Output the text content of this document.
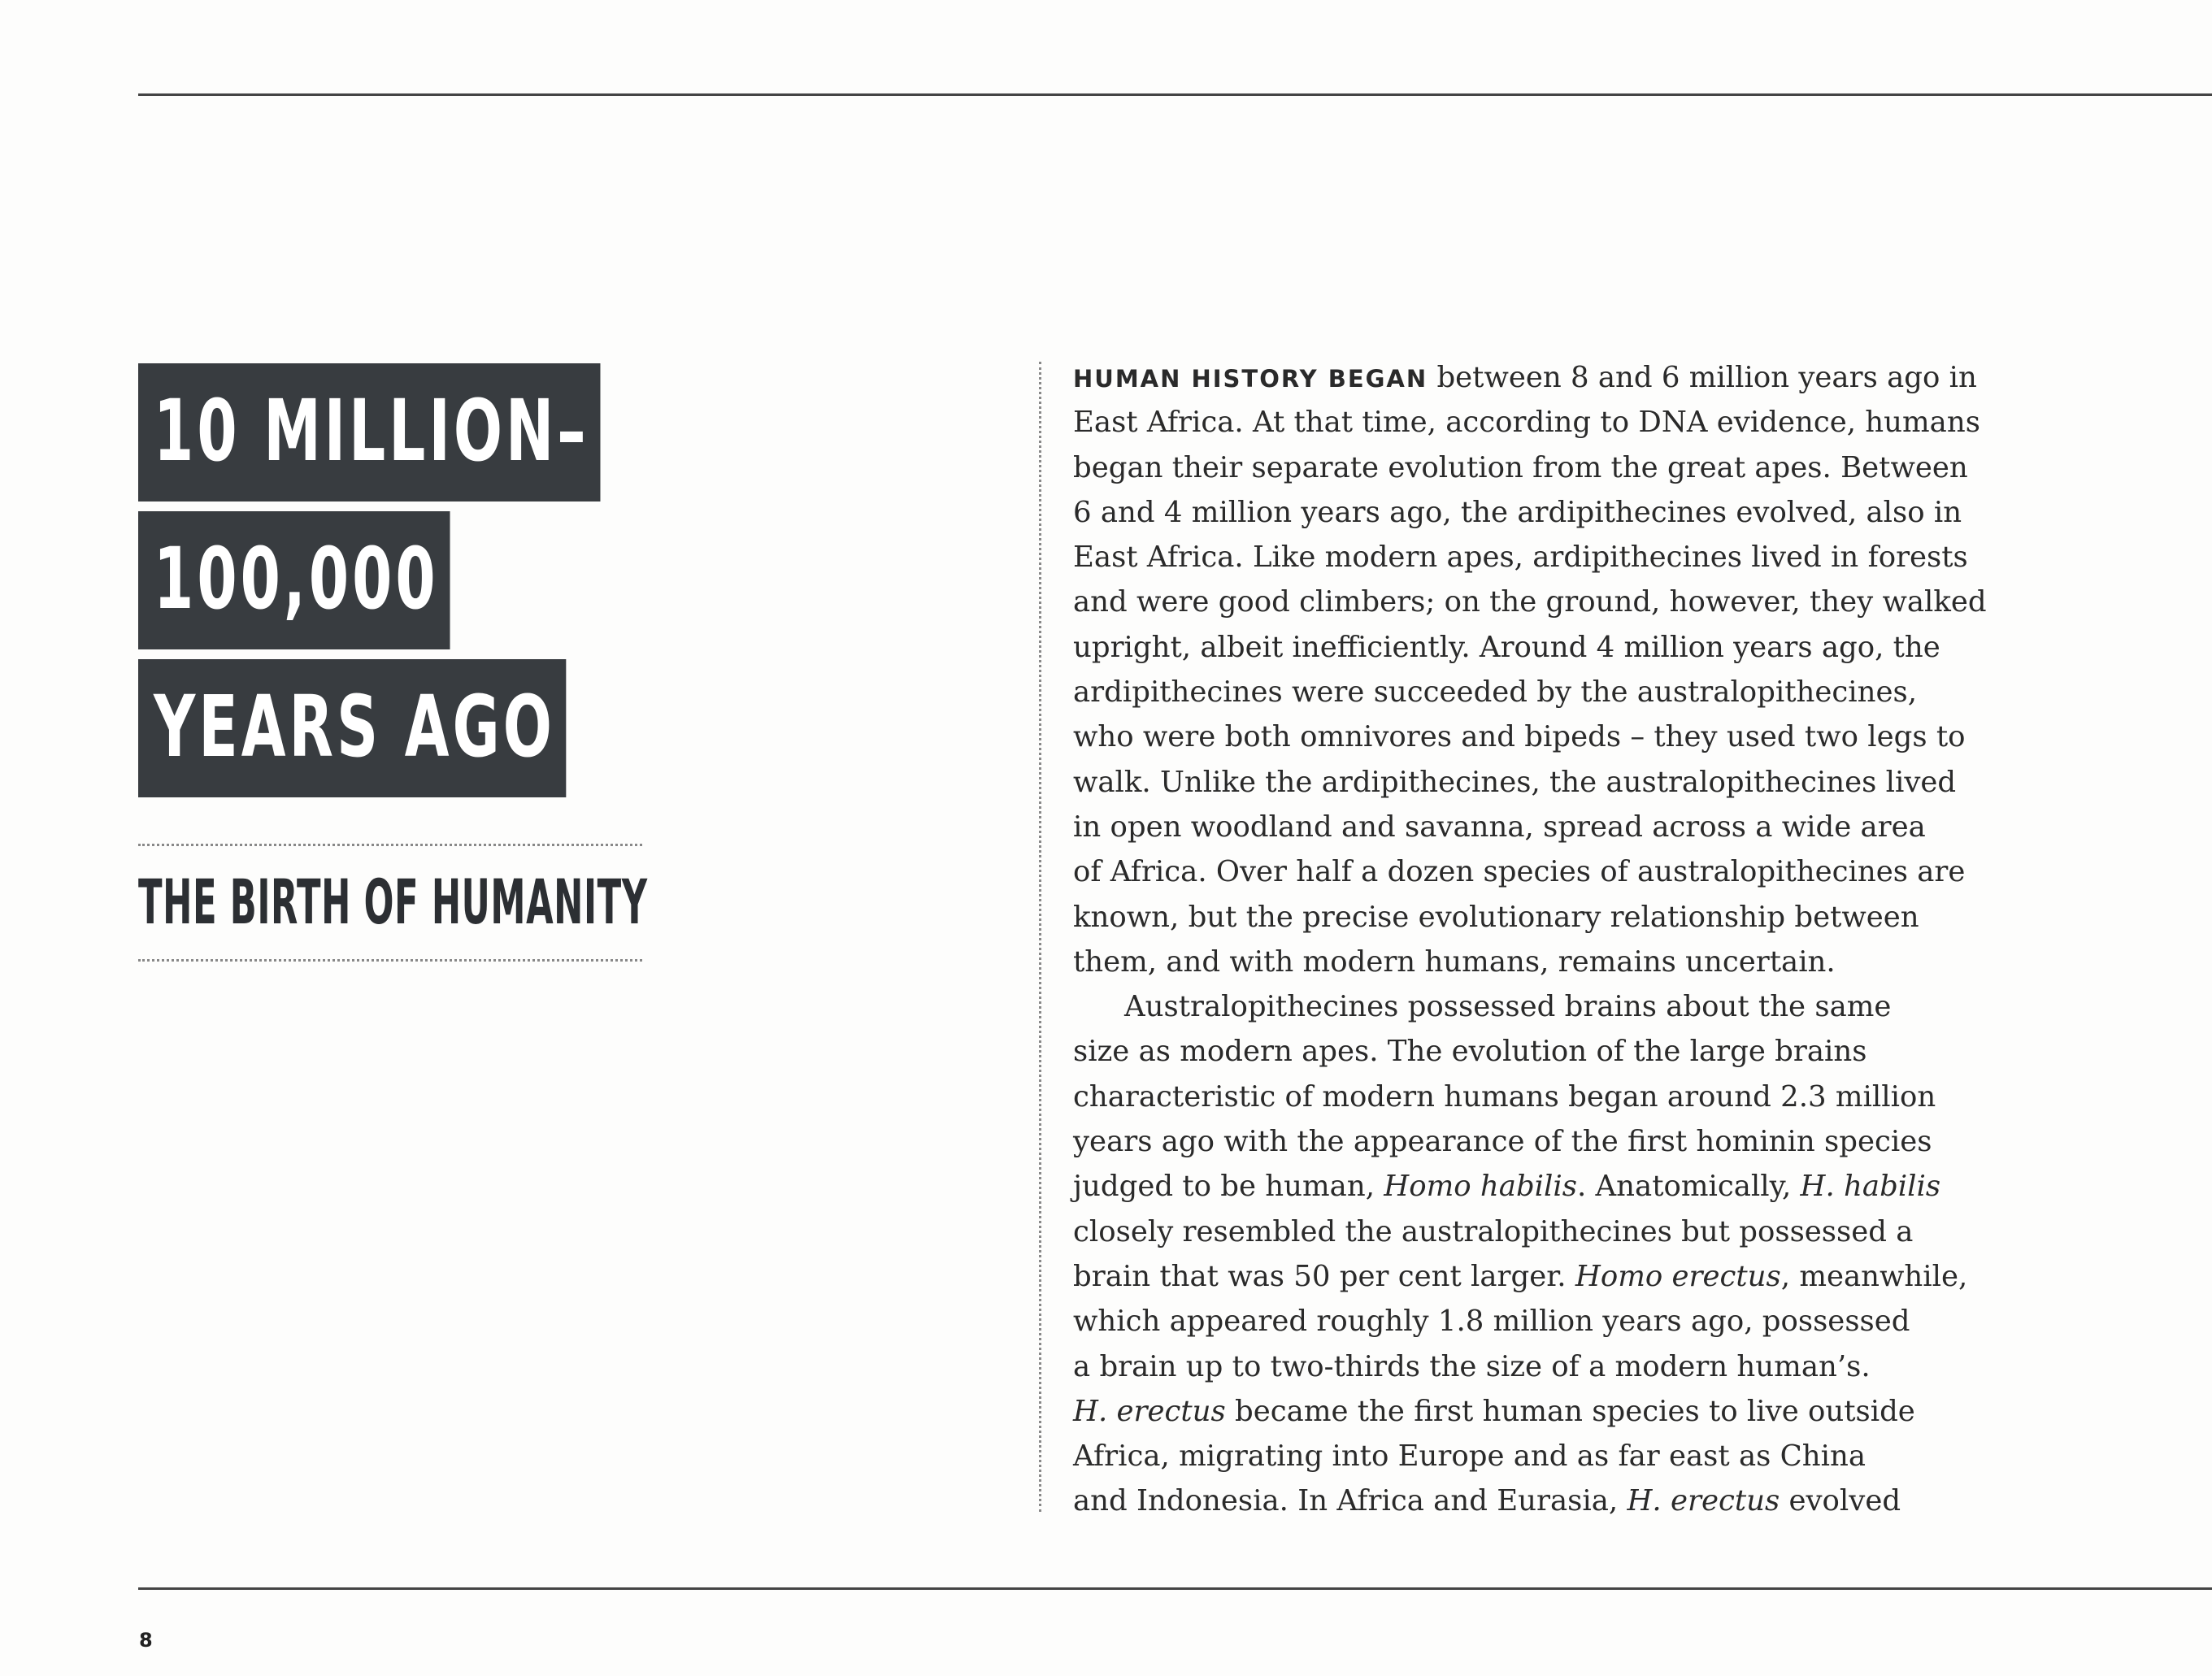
10 MILLION–
100,000
YEARS AGO
THE BIRTH OF HUMANITY
HUMAN HISTORY BEGAN between 8 and 6 million years ago in
East Africa. At that time, according to DNA evidence, humans
began their separate evolution from the great apes. Between
6 and 4 million years ago, the ardipithecines evolved, also in
East Africa. Like modern apes, ardipithecines lived in forests
and were good climbers; on the ground, however, they walked
upright, albeit inefficiently. Around 4 million years ago, the
ardipithecines were succeeded by the australopithecines,
who were both omnivores and bipeds – they used two legs to
walk. Unlike the ardipithecines, the australopithecines lived
in open woodland and savanna, spread across a wide area
of Africa. Over half a dozen species of australopithecines are
known, but the precise evolutionary relationship between
them, and with modern humans, remains uncertain.
Australopithecines possessed brains about the same
size as modern apes. The evolution of the large brains
characteristic of modern humans began around 2.3 million
years ago with the appearance of the first hominin species
judged to be human, Homo habilis. Anatomically, H. habilis
closely resembled the australopithecines but possessed a
brain that was 50 per cent larger. Homo erectus, meanwhile,
which appeared roughly 1.8 million years ago, possessed
a brain up to two-thirds the size of a modern human’s.
H. erectus became the first human species to live outside
Africa, migrating into Europe and as far east as China
and Indonesia. In Africa and Eurasia, H. erectus evolved
8
